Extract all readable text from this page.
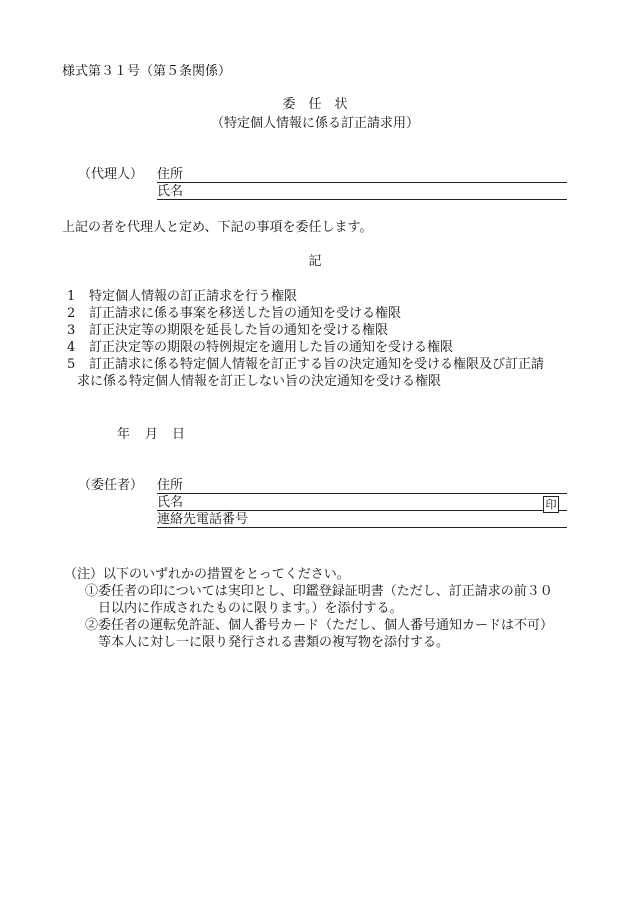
様式第３１号（第５条関係）
委　任　状
（特定個人情報に係る訂正請求用）
（代理人） 住所
氏名
上記の者を代理人と定め、下記の事項を委任します。
記
1 特定個人情報の訂正請求を行う権限
2 訂正請求に係る事案を移送した旨の通知を受ける権限
3 訂正決定等の期限を延長した旨の通知を受ける権限
4 訂正決定等の期限の特例規定を適用した旨の通知を受ける権限
5 訂正請求に係る特定個人情報を訂正する旨の決定通知を受ける権限及び訂正請
求に係る特定個人情報を訂正しない旨の決定通知を受ける権限
年 月 日
（委任者） 住所
氏名	印
連絡先電話番号
（注）以下のいずれかの措置をとってください。
①委任者の印については実印とし、印鑑登録証明書（ただし、訂正請求の前３０
日以内に作成されたものに限ります。）を添付する。
②委任者の運転免許証、個人番号カード（ただし、個人番号通知カードは不可）
等本人に対し一に限り発行される書類の複写物を添付する。
